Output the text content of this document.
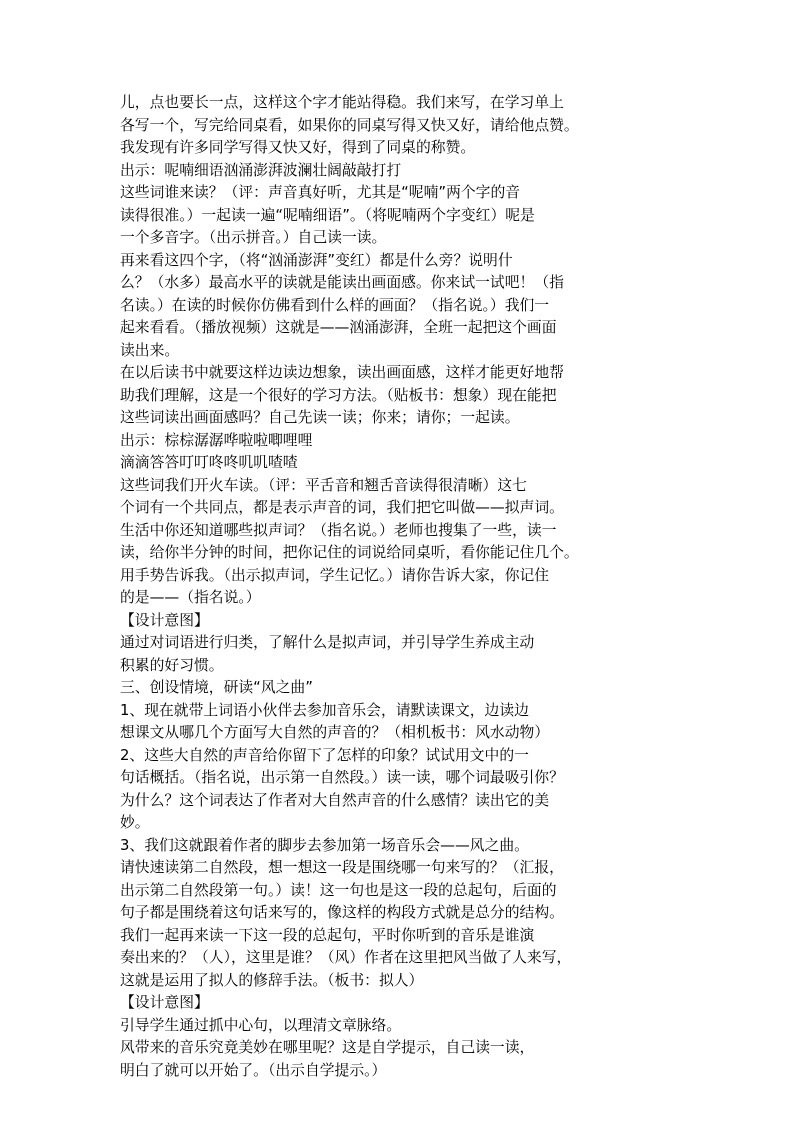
儿，点也要长一点，这样这个字才能站得稳。我们来写，在学习单上
各写一个，写完给同桌看，如果你的同桌写得又快又好，请给他点赞。
我发现有许多同学写得又快又好，得到了同桌的称赞。
出示：呢喃细语汹涌澎湃波澜壮阔敲敲打打
这些词谁来读？（评：声音真好听，尤其是“呢喃”两个字的音
读得很准。）一起读一遍“呢喃细语”。（将呢喃两个字变红）呢是
一个多音字。（出示拼音。）自己读一读。
再来看这四个字，（将“汹涌澎湃”变红）都是什么旁？说明什
么？（水多）最高水平的读就是能读出画面感。你来试一试吧！（指
名读。）在读的时候你仿佛看到什么样的画面？（指名说。）我们一
起来看看。（播放视频）这就是——汹涌澎湃，全班一起把这个画面
读出来。
在以后读书中就要这样边读边想象，读出画面感，这样才能更好地帮
助我们理解，这是一个很好的学习方法。（贴板书：想象）现在能把
这些词读出画面感吗？自己先读一读；你来；请你；一起读。
出示：棕棕潺潺哗啦啦唧哩哩
滴滴答答叮叮咚咚叽叽喳喳
这些词我们开火车读。（评：平舌音和翘舌音读得很清晰）这七
个词有一个共同点，都是表示声音的词，我们把它叫做——拟声词。
生活中你还知道哪些拟声词？（指名说。）老师也搜集了一些，读一
读，给你半分钟的时间，把你记住的词说给同桌听，看你能记住几个。
用手势告诉我。（出示拟声词，学生记忆。）请你告诉大家，你记住
的是——（指名说。）
【设计意图】
通过对词语进行归类，了解什么是拟声词，并引导学生养成主动
积累的好习惯。
三、创设情境，研读“风之曲”
1、现在就带上词语小伙伴去参加音乐会，请默读课文，边读边
想课文从哪几个方面写大自然的声音的？（相机板书：风水动物）
2、这些大自然的声音给你留下了怎样的印象？试试用文中的一
句话概括。（指名说，出示第一自然段。）读一读，哪个词最吸引你？
为什么？这个词表达了作者对大自然声音的什么感情？读出它的美
妙。
3、我们这就跟着作者的脚步去参加第一场音乐会——风之曲。
请快速读第二自然段，想一想这一段是围绕哪一句来写的？（汇报，
出示第二自然段第一句。）读！这一句也是这一段的总起句，后面的
句子都是围绕着这句话来写的，像这样的构段方式就是总分的结构。
我们一起再来读一下这一段的总起句，平时你听到的音乐是谁演
奏出来的？（人），这里是谁？（风）作者在这里把风当做了人来写，
这就是运用了拟人的修辞手法。（板书：拟人）
【设计意图】
引导学生通过抓中心句，以理清文章脉络。
风带来的音乐究竟美妙在哪里呢？这是自学提示，自己读一读，
明白了就可以开始了。（出示自学提示。）
